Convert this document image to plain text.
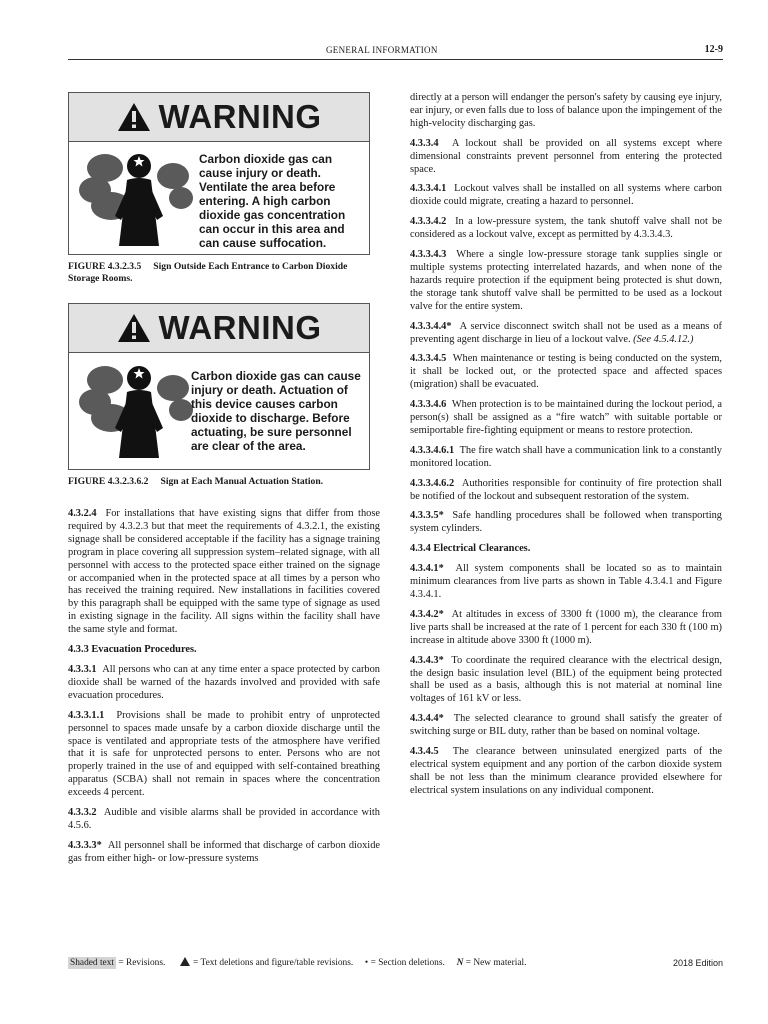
GENERAL INFORMATION	12-9
WARNING
Carbon dioxide gas can cause injury or death. Ventilate the area before entering. A high carbon dioxide gas concentration can occur in this area and can cause suffocation.
FIGURE 4.3.2.3.5 Sign Outside Each Entrance to Carbon Dioxide Storage Rooms.
WARNING
Carbon dioxide gas can cause injury or death. Actuation of this device causes carbon dioxide to discharge. Before actuating, be sure personnel are clear of the area.
FIGURE 4.3.2.3.6.2 Sign at Each Manual Actuation Station.

4.3.2.4 For installations that have existing signs that differ from those required by 4.3.2.3 but that meet the requirements of 4.3.2.1, the existing signage shall be considered acceptable if the facility has a signage training program in place covering all suppression system–related signage, with all personnel with access to the protected space either trained on the signage or accompanied when in the protected space at all times by a person who has received the training required. New installations in facilities covered by this paragraph shall be equipped with the same type of signage as used in existing signage in the facility. All signs within the facility shall have the same style and format.

4.3.3 Evacuation Procedures.

4.3.3.1 All persons who can at any time enter a space protected by carbon dioxide shall be warned of the hazards involved and provided with safe evacuation procedures.

4.3.3.1.1 Provisions shall be made to prohibit entry of unprotected personnel to spaces made unsafe by a carbon dioxide discharge until the space is ventilated and appropriate tests of the atmosphere have verified that it is safe for unprotected persons to enter. Persons who are not properly trained in the use of and equipped with self-contained breathing apparatus (SCBA) shall not remain in spaces where the concentration exceeds 4 percent.

4.3.3.2 Audible and visible alarms shall be provided in accordance with 4.5.6.

4.3.3.3* All personnel shall be informed that discharge of carbon dioxide gas from either high- or low-pressure systems

directly at a person will endanger the person's safety by causing eye injury, ear injury, or even falls due to loss of balance upon the impingement of the high-velocity discharging gas.

4.3.3.4 A lockout shall be provided on all systems except where dimensional constraints prevent personnel from entering the protected space.

4.3.3.4.1 Lockout valves shall be installed on all systems where carbon dioxide could migrate, creating a hazard to personnel.

4.3.3.4.2 In a low-pressure system, the tank shutoff valve shall not be considered as a lockout valve, except as permitted by 4.3.3.4.3.

4.3.3.4.3 Where a single low-pressure storage tank supplies single or multiple systems protecting interrelated hazards, and when none of the hazards require protection if the equipment being protected is shut down, the storage tank shutoff valve shall be permitted to be used as a lockout valve for the entire system.

4.3.3.4.4* A service disconnect switch shall not be used as a means of preventing agent discharge in lieu of a lockout valve. (See 4.5.4.12.)

4.3.3.4.5 When maintenance or testing is being conducted on the system, it shall be locked out, or the protected space and affected spaces (migration) shall be evacuated.

4.3.3.4.6 When protection is to be maintained during the lockout period, a person(s) shall be assigned as a “fire watch” with suitable portable or semiportable fire-fighting equipment or means to restore protection.

4.3.3.4.6.1 The fire watch shall have a communication link to a constantly monitored location.

4.3.3.4.6.2 Authorities responsible for continuity of fire protection shall be notified of the lockout and subsequent restoration of the system.

4.3.3.5* Safe handling procedures shall be followed when transporting system cylinders.

4.3.4 Electrical Clearances.

4.3.4.1* All system components shall be located so as to maintain minimum clearances from live parts as shown in Table 4.3.4.1 and Figure 4.3.4.1.

4.3.4.2* At altitudes in excess of 3300 ft (1000 m), the clearance from live parts shall be increased at the rate of 1 percent for each 330 ft (100 m) increase in altitude above 3300 ft (1000 m).

4.3.4.3* To coordinate the required clearance with the electrical design, the design basic insulation level (BIL) of the equipment being protected shall be used as a basis, although this is not material at nominal line voltages of 161 kV or less.

4.3.4.4* The selected clearance to ground shall satisfy the greater of switching surge or BIL duty, rather than be based on nominal voltage.

4.3.4.5 The clearance between uninsulated energized parts of the electrical system equipment and any portion of the carbon dioxide system shall be not less than the minimum clearance provided elsewhere for electrical system insulations on any individual component.

Shaded text = Revisions.	= Text deletions and figure/table revisions. • = Section deletions. N = New material.	2018 Edition
